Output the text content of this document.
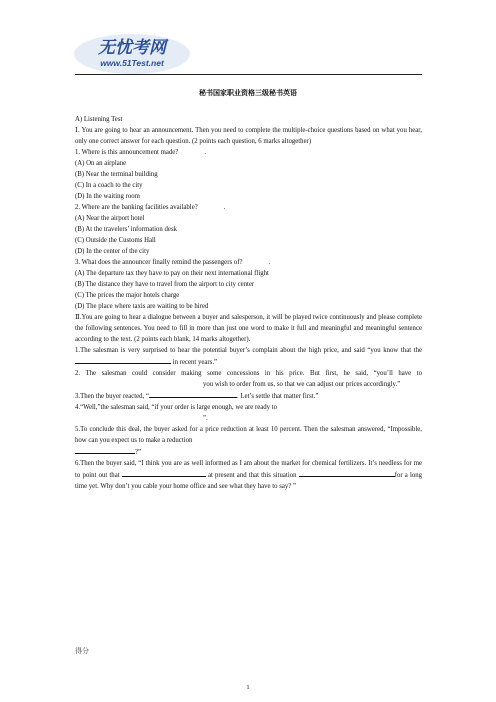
无忧考网
www.51Test.net
秘书国家职业资格三级秘书英语

A) Listening Test

Ⅰ. You are going to hear an announcement. Then you need to complete the multiple-choice questions based on what you hear, only one correct answer for each question. (2 points each question, 6 marks altogether)

1. Where is this announcement made?	.

(A) On an airplane

(B) Near the terminal building

(C) In a coach to the city

(D) In the waiting room

2. Where are the banking facilities available?	.

(A) Near the airport hotel

(B) At the travelers’ information desk

(C) Outside the Customs Hall

(D) In the center of the city

3. What does the announcer finally remind the passengers of?	.

(A) The departure tax they have to pay on their next international flight

(B) The distance they have to travel from the airport to city center

(C) The prices the major hotels charge

(D) The place where taxis are waiting to be hired

Ⅱ.You are going to hear a dialogue between a buyer and salesperson, it will be played twice continuously and please complete the following sentences. You need to fill in more than just one word to make it full and meaningful and meaningful sentence according to the text. (2 points each blank, 14 marks altogether).

1.The salesman is very surprised to hear the potential buyer’s complain about the high price, and said “you know that the  in recent years.”

2. The salesman could consider making some concessions in his price. But first, he said, “you’ll have toyou wish to order from us, so that we can adjust our prices accordingly.”

3.Then the buyer reacted, “	. Let’s settle that matter first.”

4.“Well,”the salesman said, “if your order is large enough, we are ready to
”.

5.To conclude this deal, the buyer asked for a price reduction at least 10 percent. Then the salesman answered, “Impossible, how can you expect us to make a reduction
?”

6.Then the buyer said, “I think you are as well informed as I am about the market for chemical fertilizers. It’s needless for me to point out that	at present and that this situation	for a long time yet. Why don’t you cable your home office and see what they have to say? ”

得分
1
